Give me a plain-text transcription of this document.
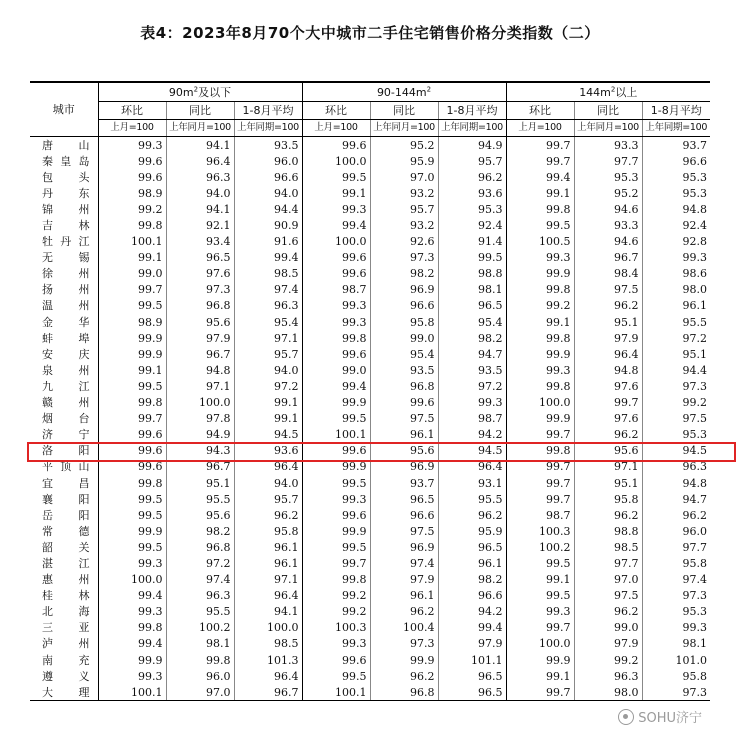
表4：2023年8月70个大中城市二手住宅销售价格分类指数（二）
城市	$90m^2$及以下			$90-144m^2$			$144m^2$以上		
	环比	同比	1-8月平均	环比	同比	1-8月平均	环比	同比	1-8月平均
	上月=100	上年同月=100	上年同期=100	上月=100	上年同月=100	上年同期=100	上月=100	上年同月=100	上年同期=100
唐山	99.3	94.1	93.5	99.6	95.2	94.9	99.7	93.3	93.7
秦皇岛	99.6	96.4	96.0	100.0	95.9	95.7	99.7	97.7	96.6
包头	99.6	96.3	96.6	99.5	97.0	96.2	99.4	95.3	95.3
丹东	98.9	94.0	94.0	99.1	93.2	93.6	99.1	95.2	95.3
锦州	99.2	94.1	94.4	99.3	95.7	95.3	99.8	94.6	94.8
吉林	99.8	92.1	90.9	99.4	93.2	92.4	99.5	93.3	92.4
牡丹江	100.1	93.4	91.6	100.0	92.6	91.4	100.5	94.6	92.8
无锡	99.1	96.5	99.4	99.6	97.3	99.5	99.3	96.7	99.3
徐州	99.0	97.6	98.5	99.6	98.2	98.8	99.9	98.4	98.6
扬州	99.7	97.3	97.4	98.7	96.9	98.1	99.8	97.5	98.0
温州	99.5	96.8	96.3	99.3	96.6	96.5	99.2	96.2	96.1
金华	98.9	95.6	95.4	99.3	95.8	95.4	99.1	95.1	95.5
蚌埠	99.9	97.9	97.1	99.8	99.0	98.2	99.8	97.9	97.2
安庆	99.9	96.7	95.7	99.6	95.4	94.7	99.9	96.4	95.1
泉州	99.1	94.8	94.0	99.0	93.5	93.5	99.3	94.8	94.4
九江	99.5	97.1	97.2	99.4	96.8	97.2	99.8	97.6	97.3
赣州	99.8	100.0	99.1	99.9	99.6	99.3	100.0	99.7	99.2
烟台	99.7	97.8	99.1	99.5	97.5	98.7	99.9	97.6	97.5
济宁	99.6	94.9	94.5	100.1	96.1	94.2	99.7	96.2	95.3
洛阳	99.6	94.3	93.6	99.6	95.6	94.5	99.8	95.6	94.5
平顶山	99.6	96.7	96.4	99.9	96.9	96.4	99.7	97.1	96.3
宜昌	99.8	95.1	94.0	99.5	93.7	93.1	99.7	95.1	94.8
襄阳	99.5	95.5	95.7	99.3	96.5	95.5	99.7	95.8	94.7
岳阳	99.5	95.6	96.2	99.6	96.6	96.2	98.7	96.2	96.2
常德	99.9	98.2	95.8	99.9	97.5	95.9	100.3	98.8	96.0
韶关	99.5	96.8	96.1	99.5	96.9	96.5	100.2	98.5	97.7
湛江	99.3	97.2	96.1	99.7	97.4	96.1	99.5	97.7	95.8
惠州	100.0	97.4	97.1	99.8	97.9	98.2	99.1	97.0	97.4
桂林	99.4	96.3	96.4	99.2	96.1	96.6	99.5	97.5	97.3
北海	99.3	95.5	94.1	99.2	96.2	94.2	99.3	96.2	95.3
三亚	99.8	100.2	100.0	100.3	100.4	99.4	99.7	99.0	99.3
泸州	99.4	98.1	98.5	99.3	97.3	97.9	100.0	97.9	98.1
南充	99.9	99.8	101.3	99.6	99.9	101.1	99.9	99.2	101.0
遵义	99.3	96.0	96.4	99.5	96.2	96.5	99.1	96.3	95.8
大理	100.1	97.0	96.7	100.1	96.8	96.5	99.7	98.0	97.3
SOHU济宁
